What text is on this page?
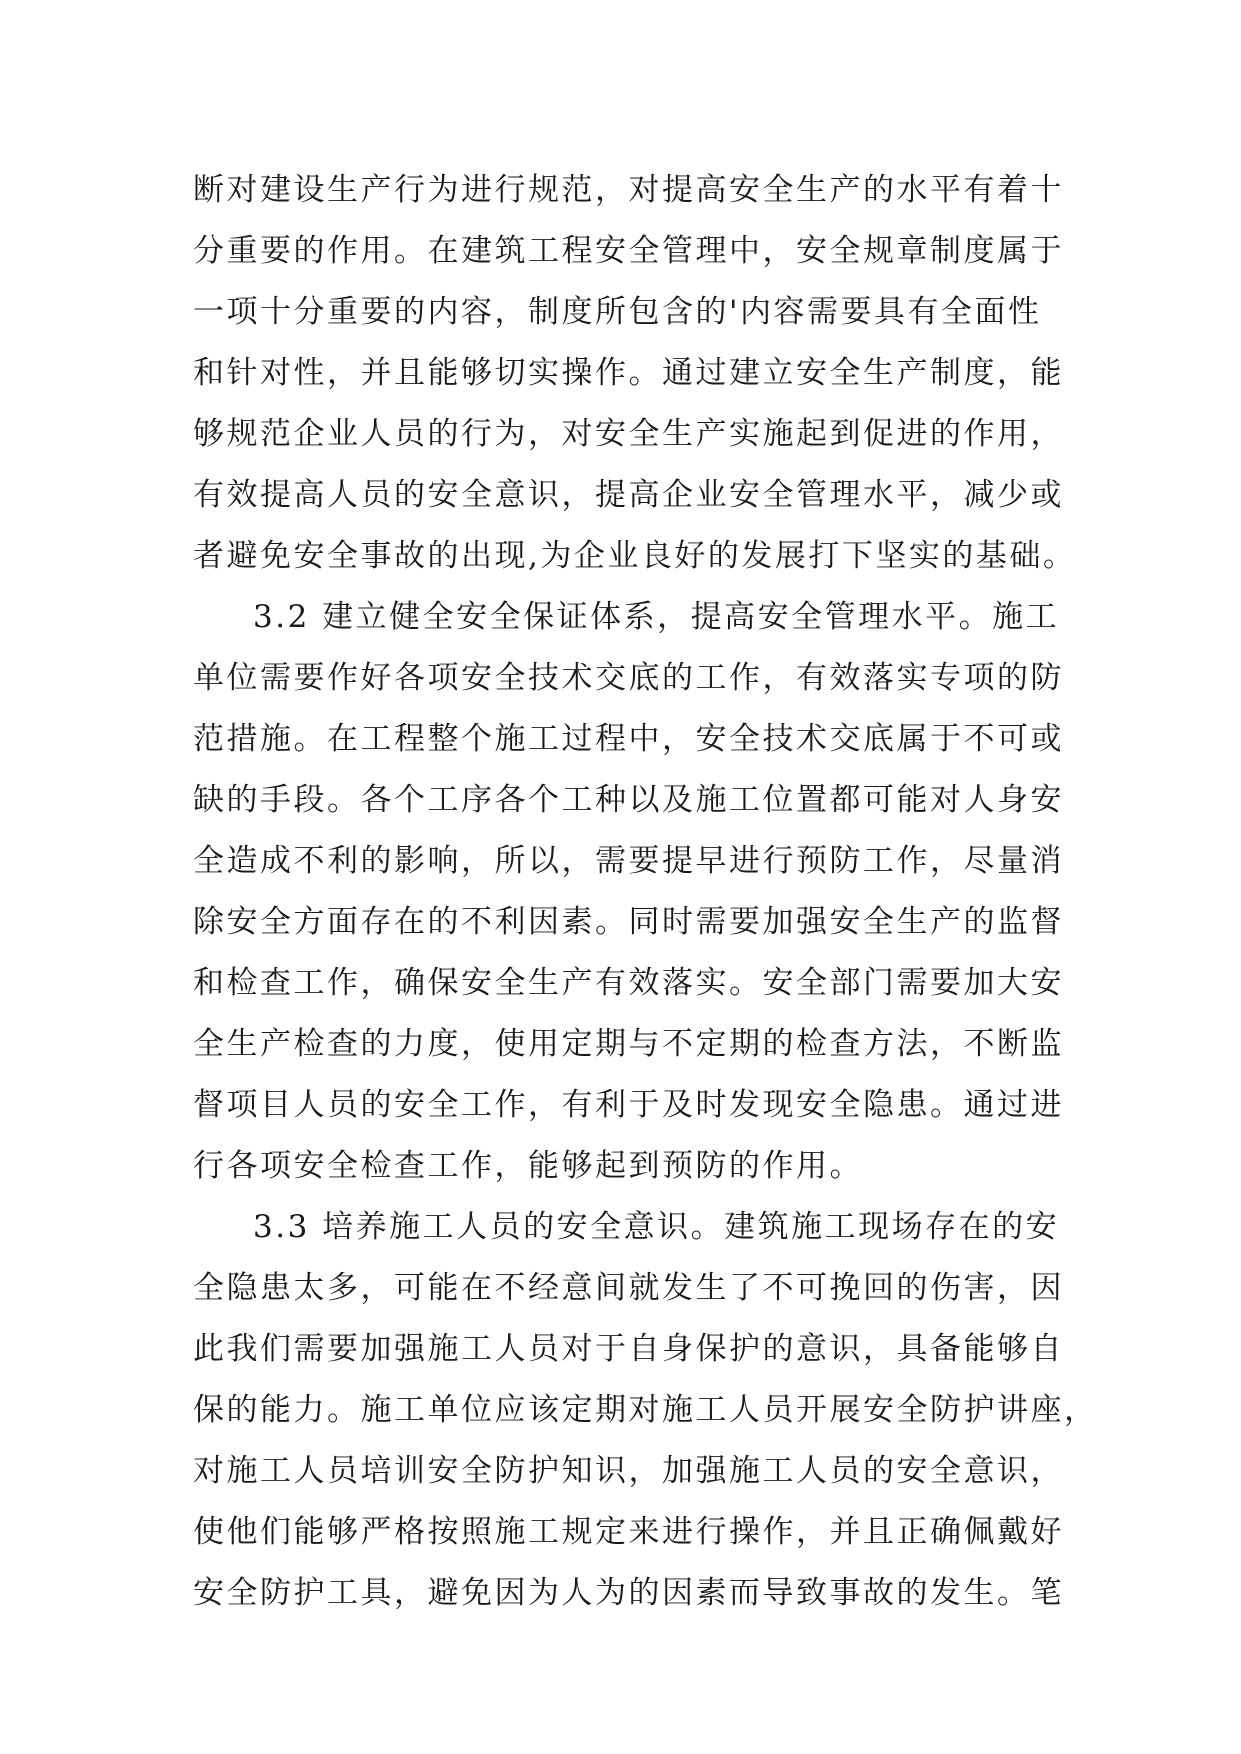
断对建设生产行为进行规范，对提高安全生产的水平有着十
分重要的作用。在建筑工程安全管理中，安全规章制度属于
一项十分重要的内容，制度所包含的'内容需要具有全面性
和针对性，并且能够切实操作。通过建立安全生产制度，能
够规范企业人员的行为，对安全生产实施起到促进的作用，
有效提高人员的安全意识，提高企业安全管理水平，减少或
者避免安全事故的出现,为企业良好的发展打下坚实的基础。
3.2 建立健全安全保证体系，提高安全管理水平。施工
单位需要作好各项安全技术交底的工作，有效落实专项的防
范措施。在工程整个施工过程中，安全技术交底属于不可或
缺的手段。各个工序各个工种以及施工位置都可能对人身安
全造成不利的影响，所以，需要提早进行预防工作，尽量消
除安全方面存在的不利因素。同时需要加强安全生产的监督
和检查工作，确保安全生产有效落实。安全部门需要加大安
全生产检查的力度，使用定期与不定期的检查方法，不断监
督项目人员的安全工作，有利于及时发现安全隐患。通过进
行各项安全检查工作，能够起到预防的作用。
3.3 培养施工人员的安全意识。建筑施工现场存在的安
全隐患太多，可能在不经意间就发生了不可挽回的伤害，因
此我们需要加强施工人员对于自身保护的意识，具备能够自
保的能力。施工单位应该定期对施工人员开展安全防护讲座，
对施工人员培训安全防护知识，加强施工人员的安全意识，
使他们能够严格按照施工规定来进行操作，并且正确佩戴好
安全防护工具，避免因为人为的因素而导致事故的发生。笔
